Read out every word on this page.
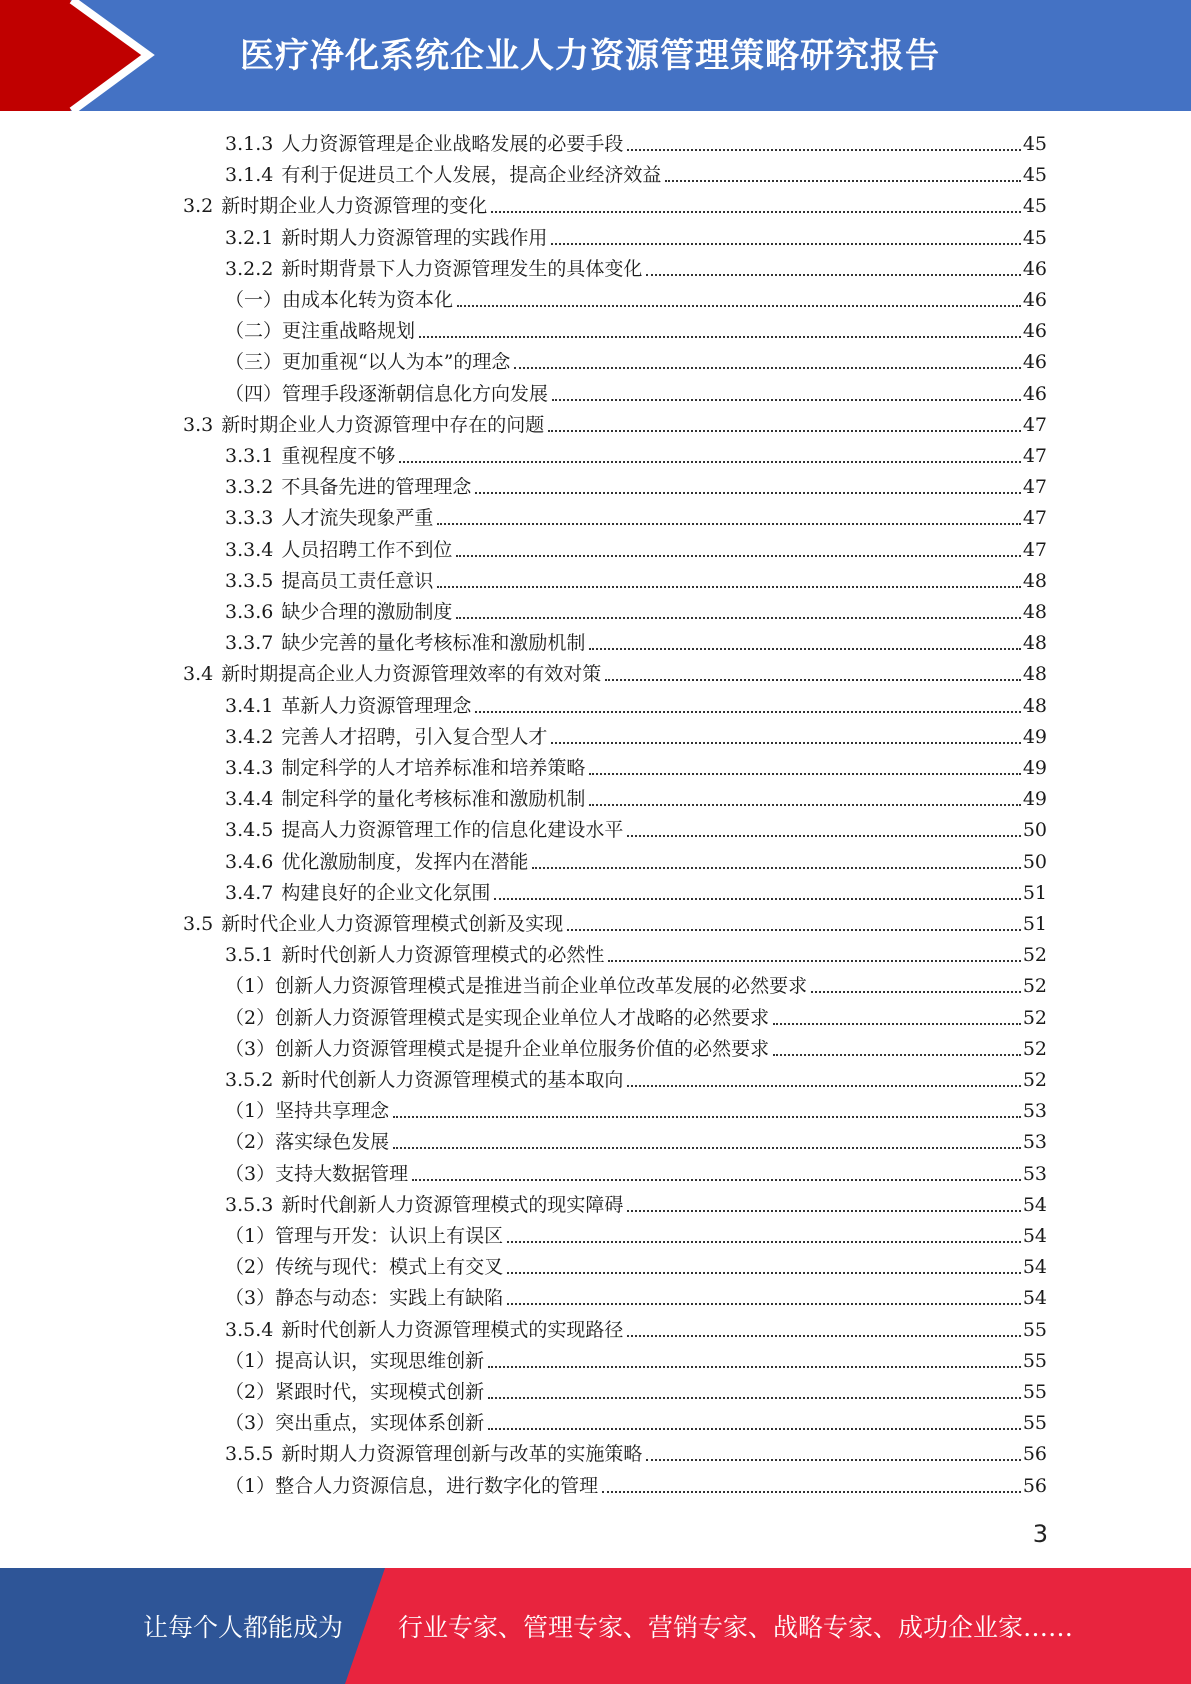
医疗净化系统企业人力资源管理策略研究报告
3.1.3 人力资源管理是企业战略发展的必要手段	45
3.1.4 有利于促进员工个人发展，提高企业经济效益	45
3.2 新时期企业人力资源管理的变化	45
3.2.1 新时期人力资源管理的实践作用	45
3.2.2 新时期背景下人力资源管理发生的具体变化	46
（一）由成本化转为资本化	46
（二）更注重战略规划	46
（三）更加重视“以人为本”的理念	46
（四）管理手段逐渐朝信息化方向发展	46
3.3 新时期企业人力资源管理中存在的问题	47
3.3.1 重视程度不够	47
3.3.2 不具备先进的管理理念	47
3.3.3 人才流失现象严重	47
3.3.4 人员招聘工作不到位	47
3.3.5 提高员工责任意识	48
3.3.6 缺少合理的激励制度	48
3.3.7 缺少完善的量化考核标准和激励机制	48
3.4 新时期提高企业人力资源管理效率的有效对策	48
3.4.1 革新人力资源管理理念	48
3.4.2 完善人才招聘，引入复合型人才	49
3.4.3 制定科学的人才培养标准和培养策略	49
3.4.4 制定科学的量化考核标准和激励机制	49
3.4.5 提高人力资源管理工作的信息化建设水平	50
3.4.6 优化激励制度，发挥内在潜能	50
3.4.7 构建良好的企业文化氛围	51
3.5 新时代企业人力资源管理模式创新及实现	51
3.5.1 新时代创新人力资源管理模式的必然性	52
（1）创新人力资源管理模式是推进当前企业单位改革发展的必然要求	52
（2）创新人力资源管理模式是实现企业单位人才战略的必然要求	52
（3）创新人力资源管理模式是提升企业单位服务价值的必然要求	52
3.5.2 新时代创新人力资源管理模式的基本取向	52
（1）坚持共享理念	53
（2）落实绿色发展	53
（3）支持大数据管理	53
3.5.3 新时代創新人力资源管理模式的现实障碍	54
（1）管理与开发：认识上有误区	54
（2）传统与现代：模式上有交叉	54
（3）静态与动态：实践上有缺陷	54
3.5.4 新时代创新人力资源管理模式的实现路径	55
（1）提高认识，实现思维创新	55
（2）紧跟时代，实现模式创新	55
（3）突出重点，实现体系创新	55
3.5.5 新时期人力资源管理创新与改革的实施策略	56
（1）整合人力资源信息，进行数字化的管理	56
3
让每个人都能成为 行业专家、管理专家、营销专家、战略专家、成功企业家……
